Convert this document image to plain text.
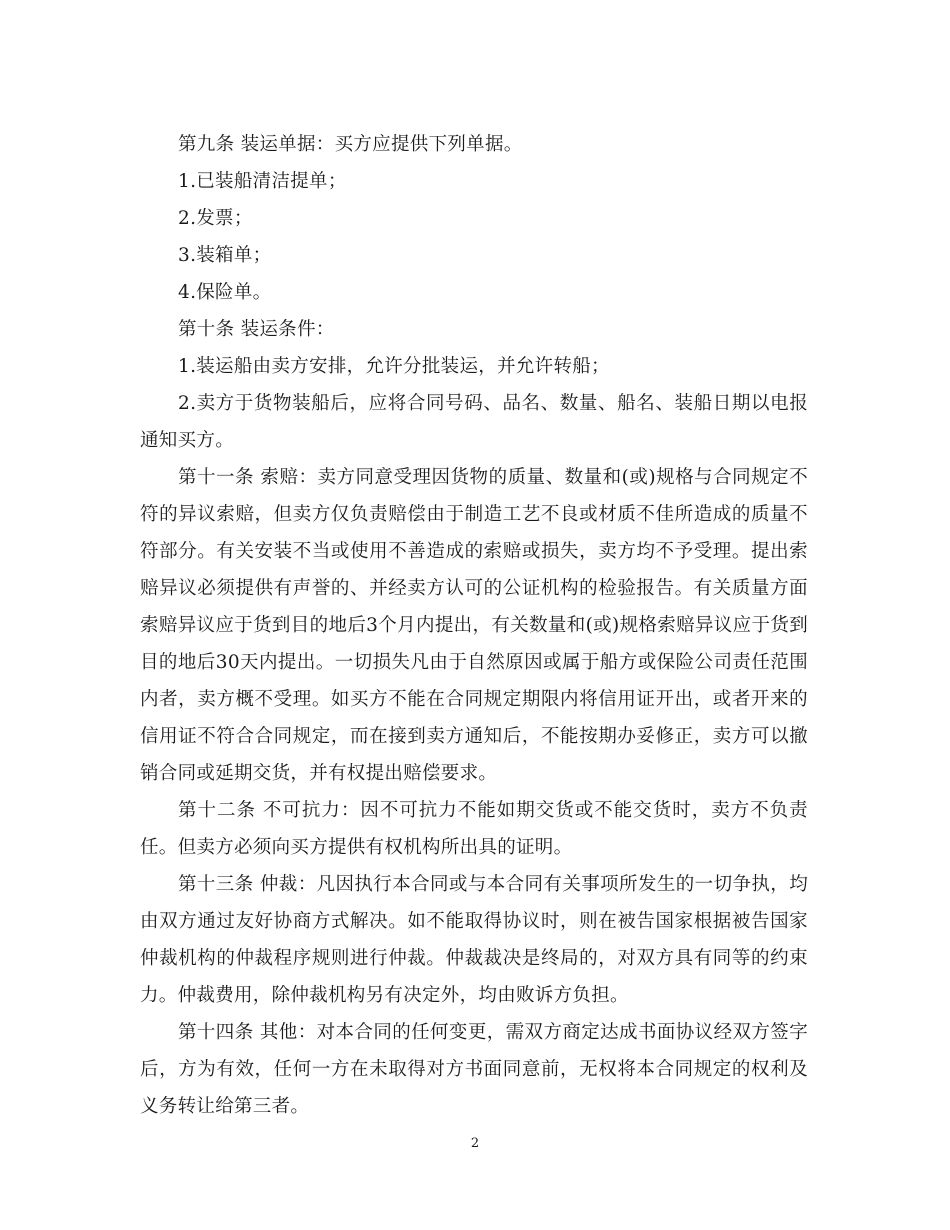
第九条 装运单据：买方应提供下列单据。

1.已装船清洁提单；

2.发票；

3.装箱单；

4.保险单。

第十条 装运条件：

1.装运船由卖方安排，允许分批装运，并允许转船；

2.卖方于货物装船后，应将合同号码、品名、数量、船名、装船日期以电报通知买方。

第十一条 索赔：卖方同意受理因货物的质量、数量和(或)规格与合同规定不符的异议索赔，但卖方仅负责赔偿由于制造工艺不良或材质不佳所造成的质量不符部分。有关安装不当或使用不善造成的索赔或损失，卖方均不予受理。提出索赔异议必须提供有声誉的、并经卖方认可的公证机构的检验报告。有关质量方面索赔异议应于货到目的地后3个月内提出，有关数量和(或)规格索赔异议应于货到目的地后30天内提出。一切损失凡由于自然原因或属于船方或保险公司责任范围内者，卖方概不受理。如买方不能在合同规定期限内将信用证开出，或者开来的信用证不符合合同规定，而在接到卖方通知后，不能按期办妥修正，卖方可以撤销合同或延期交货，并有权提出赔偿要求。

第十二条 不可抗力：因不可抗力不能如期交货或不能交货时，卖方不负责任。但卖方必须向买方提供有权机构所出具的证明。

第十三条 仲裁：凡因执行本合同或与本合同有关事项所发生的一切争执，均由双方通过友好协商方式解决。如不能取得协议时，则在被告国家根据被告国家仲裁机构的仲裁程序规则进行仲裁。仲裁裁决是终局的，对双方具有同等的约束力。仲裁费用，除仲裁机构另有决定外，均由败诉方负担。

第十四条 其他：对本合同的任何变更，需双方商定达成书面协议经双方签字后，方为有效，任何一方在未取得对方书面同意前，无权将本合同规定的权利及义务转让给第三者。

2
